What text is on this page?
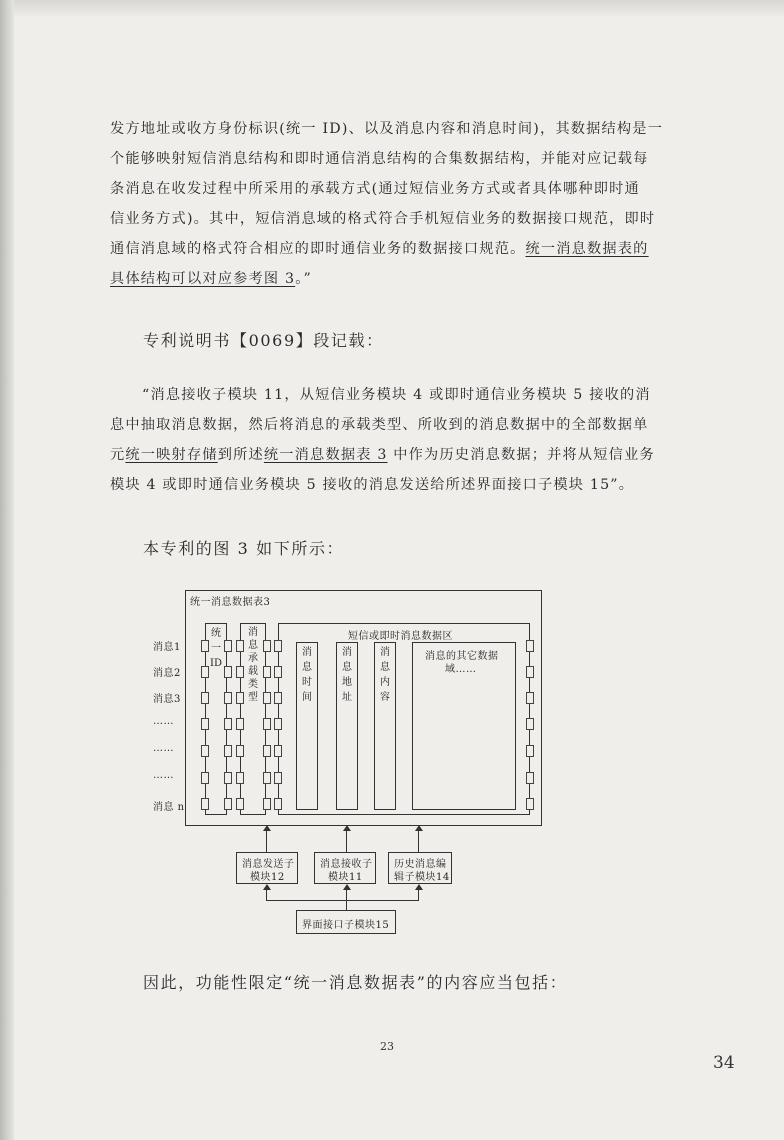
发方地址或收方身份标识(统一 ID)、以及消息内容和消息时间)，其数据结构是一
个能够映射短信消息结构和即时通信消息结构的合集数据结构，并能对应记载每
条消息在收发过程中所采用的承载方式(通过短信业务方式或者具体哪种即时通
信业务方式)。其中，短信消息域的格式符合手机短信业务的数据接口规范，即时
通信消息域的格式符合相应的即时通信业务的数据接口规范。统一消息数据表的
具体结构可以对应参考图 3。”

专利说明书【0069】段记载：

“消息接收子模块 11，从短信业务模块 4 或即时通信业务模块 5 接收的消
息中抽取消息数据，然后将消息的承载类型、所收到的消息数据中的全部数据单
元统一映射存储到所述统一消息数据表 3 中作为历史消息数据；并将从短信业务
模块 4 或即时通信业务模块 5 接收的消息发送给所述界面接口子模块 15”。

本专利的图 3 如下所示：

统一消息数据表3
统
一
ID
消
息
承
载
类
型
短信或即时消息数据区
消
息
时
间
消
息
地
址
消
息
内
容
消息的其它数据
域……
消息1
消息2
消息3
……
……
……
消息 n
消息发送子
模块12
消息接收子
模块11
历史消息编
辑子模块14
界面接口子模块15

因此，功能性限定“统一消息数据表”的内容应当包括：

23
34
